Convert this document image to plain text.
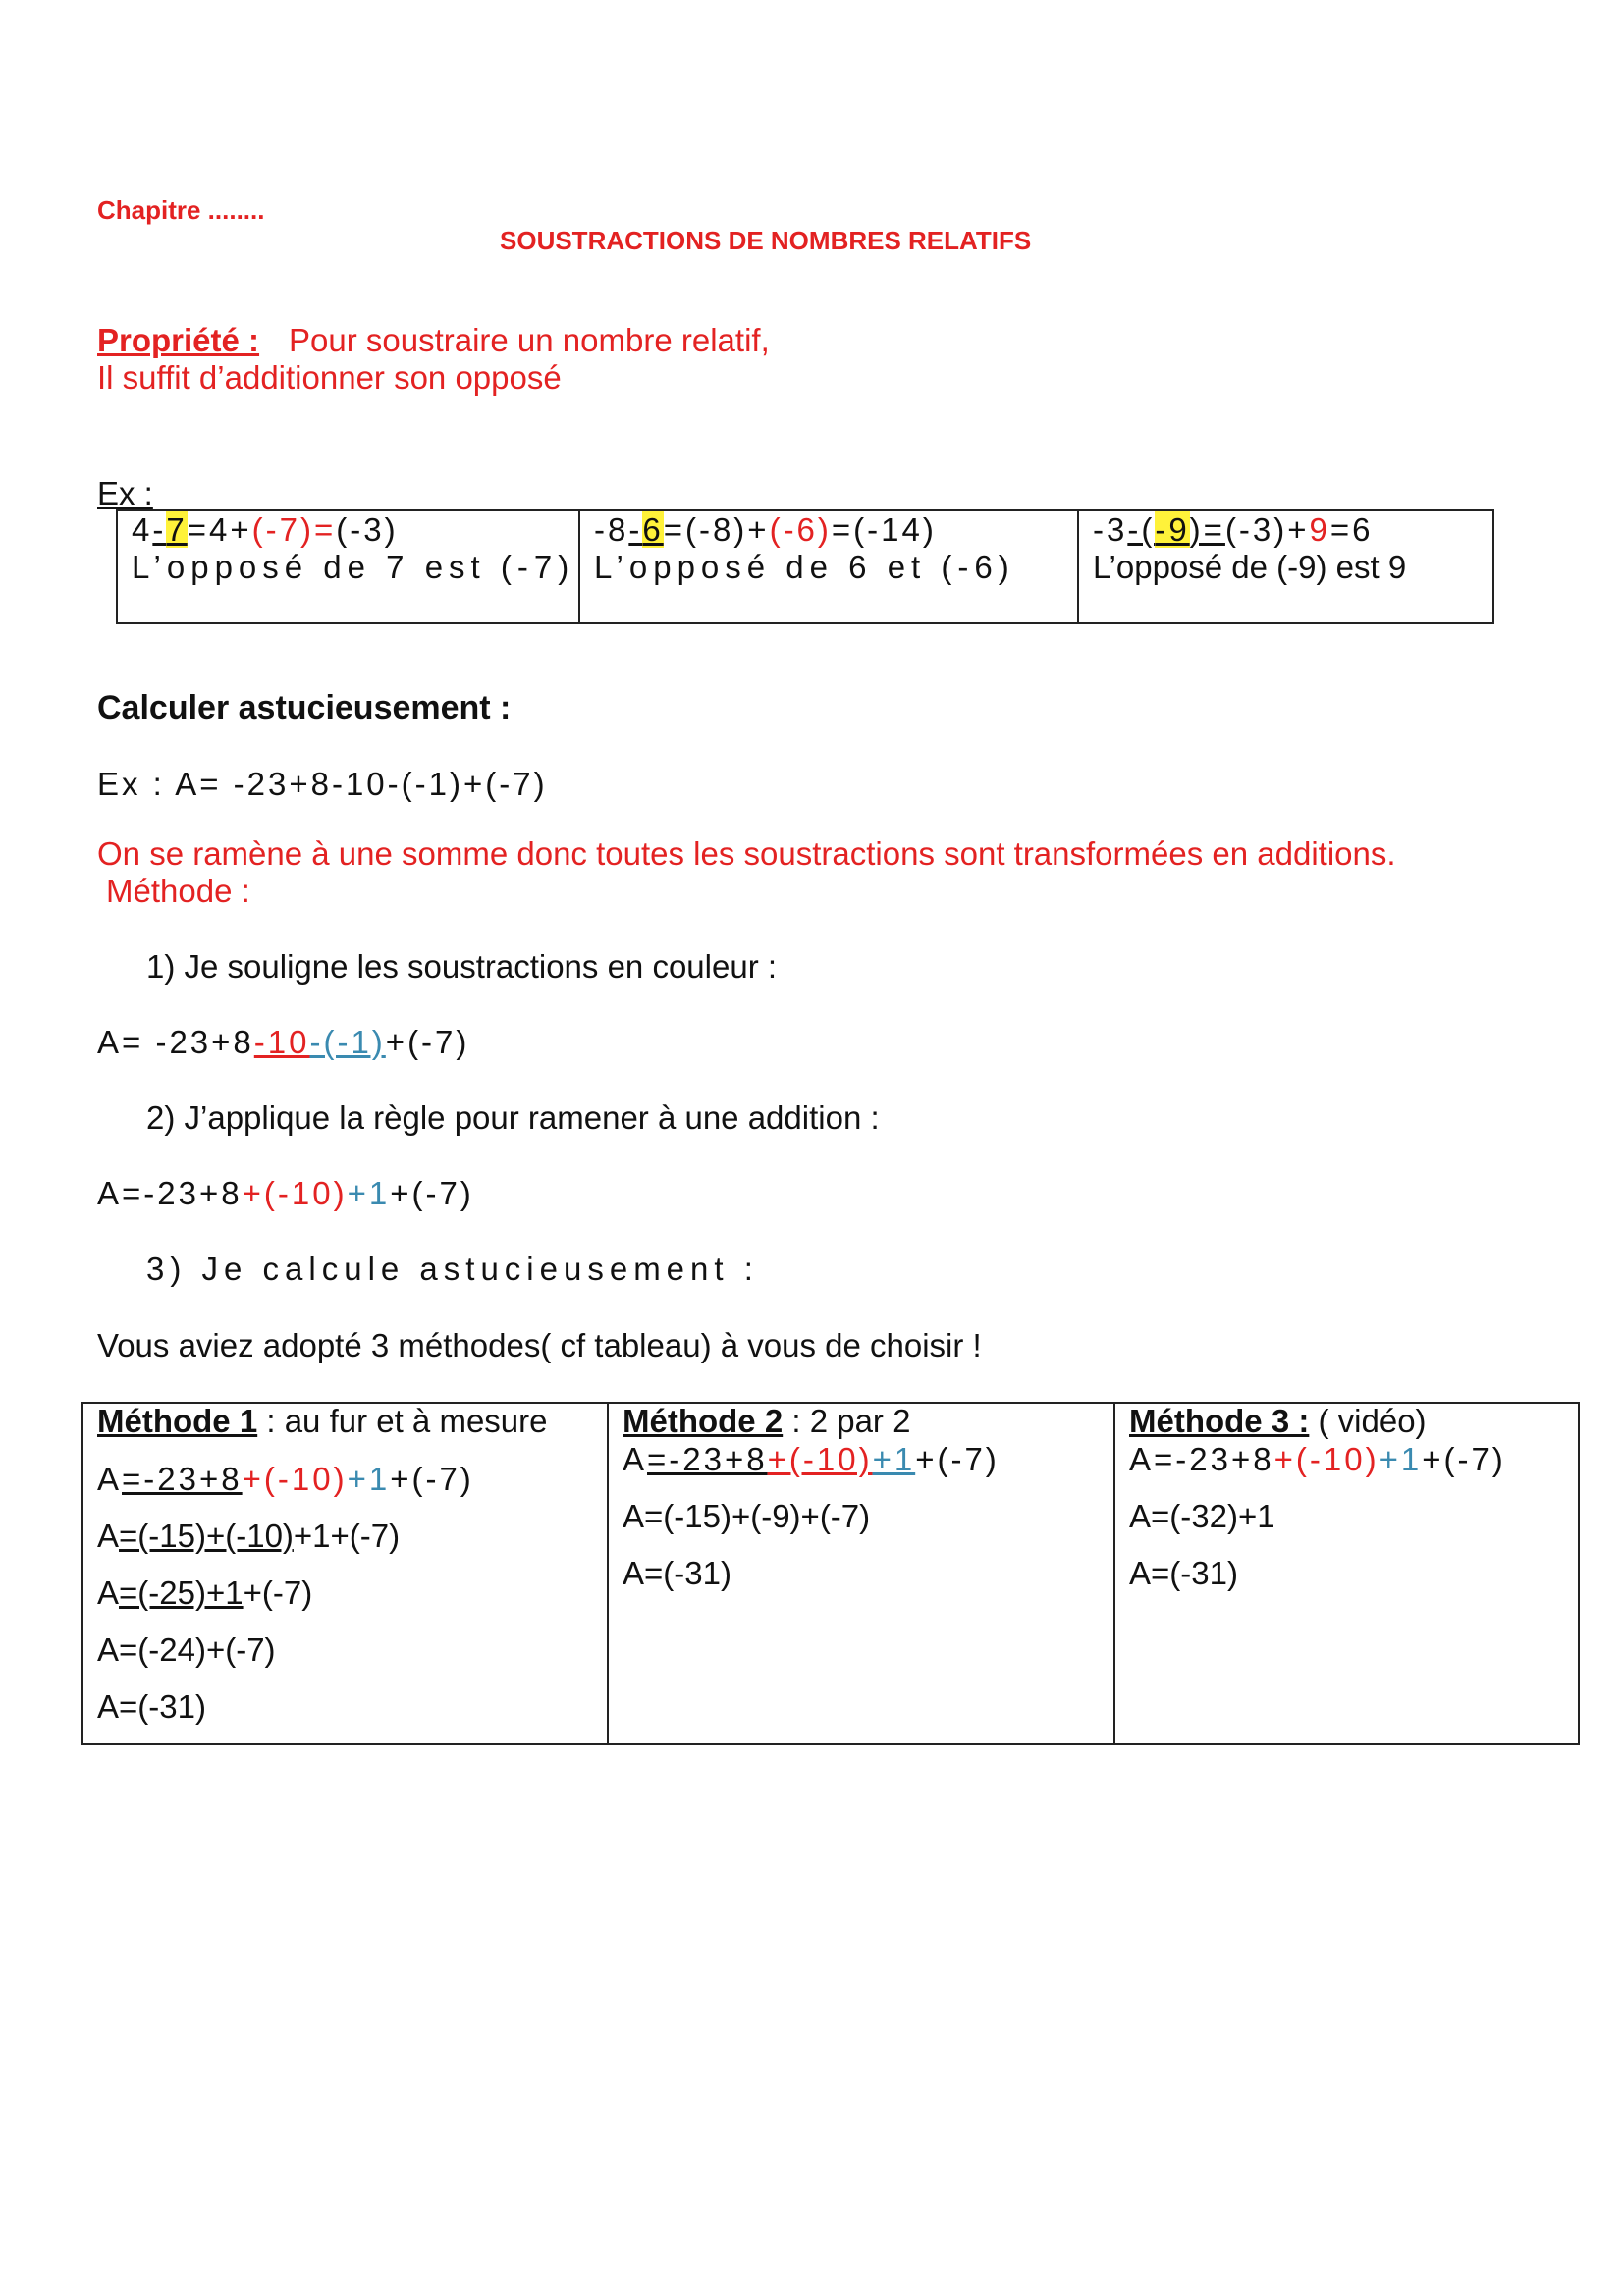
Chapitre ........
SOUSTRACTIONS DE NOMBRES RELATIFS
Propriété : Pour soustraire un nombre relatif,
Il suffit d’additionner son opposé
Ex :
4-7=4+(-7)=(-3)
L’opposé de 7 est (-7)

-8-6=(-8)+(-6)=(-14)
L’opposé de 6 et (-6)

-3-(-9)=(-3)+9=6
L’opposé de (-9) est 9
Calculer astucieusement :
Ex : A= -23+8-10-(-1)+(-7)
On se ramène à une somme donc toutes les soustractions sont transformées en additions.
Méthode :
1) Je souligne les soustractions en couleur :
A= -23+8-10-(-1)+(-7)
2) J’applique la règle pour ramener à une addition :
A=-23+8+(-10)+1+(-7)
3) Je calcule astucieusement :
Vous aviez adopté 3 méthodes( cf tableau) à vous de choisir !
Méthode 1 : au fur et à mesure
A=-23+8+(-10)+1+(-7)
A=(-15)+(-10)+1+(-7)
A=(-25)+1+(-7)
A=(-24)+(-7)
A=(-31)

Méthode 2 : 2 par 2
A=-23+8+(-10)+1+(-7)
A=(-15)+(-9)+(-7)
A=(-31)

Méthode 3 : ( vidéo)
A=-23+8+(-10)+1+(-7)
A=(-32)+1
A=(-31)
